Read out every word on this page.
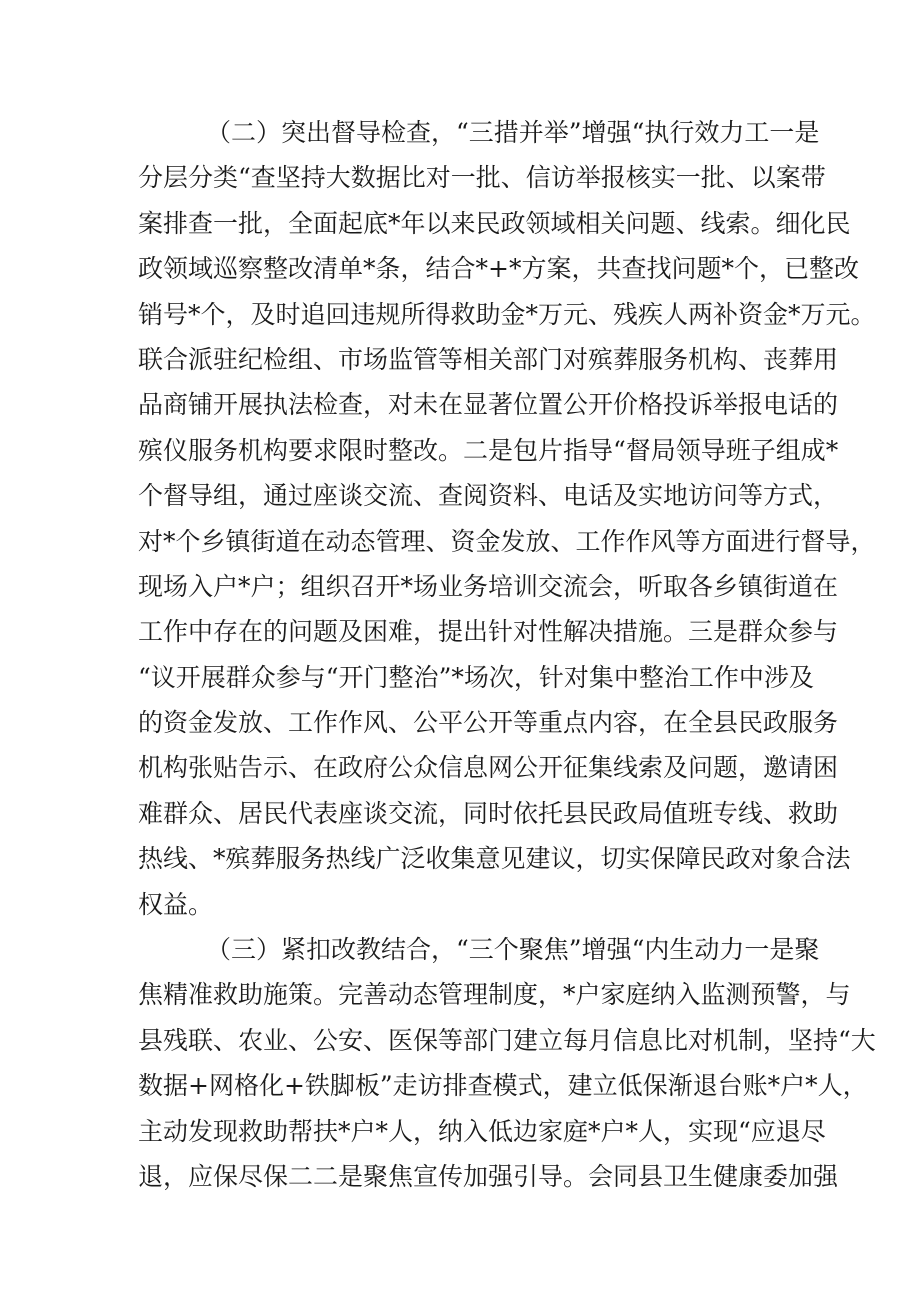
（二）突出督导检查，“三措并举”增强“执行效力工一是
分层分类“查坚持大数据比对一批、信访举报核实一批、以案带
案排查一批，全面起底*年以来民政领域相关问题、线索。细化民
政领域巡察整改清单*条，结合*+*方案，共查找问题*个，已整改
销号*个，及时追回违规所得救助金*万元、残疾人两补资金*万元。
联合派驻纪检组、市场监管等相关部门对殡葬服务机构、丧葬用
品商铺开展执法检查，对未在显著位置公开价格投诉举报电话的
殡仪服务机构要求限时整改。二是包片指导“督局领导班子组成*
个督导组，通过座谈交流、查阅资料、电话及实地访问等方式，
对*个乡镇街道在动态管理、资金发放、工作作风等方面进行督导，
现场入户*户；组织召开*场业务培训交流会，听取各乡镇街道在
工作中存在的问题及困难，提出针对性解决措施。三是群众参与
“议开展群众参与“开门整治”*场次，针对集中整治工作中涉及
的资金发放、工作作风、公平公开等重点内容，在全县民政服务
机构张贴告示、在政府公众信息网公开征集线索及问题，邀请困
难群众、居民代表座谈交流，同时依托县民政局值班专线、救助
热线、*殡葬服务热线广泛收集意见建议，切实保障民政对象合法
权益。
（三）紧扣改教结合，“三个聚焦”增强“内生动力一是聚
焦精准救助施策。完善动态管理制度，*户家庭纳入监测预警，与
县残联、农业、公安、医保等部门建立每月信息比对机制，坚持“大
数据+网格化+铁脚板”走访排查模式，建立低保渐退台账*户*人，
主动发现救助帮扶*户*人，纳入低边家庭*户*人，实现“应退尽
退，应保尽保二二是聚焦宣传加强引导。会同县卫生健康委加强
